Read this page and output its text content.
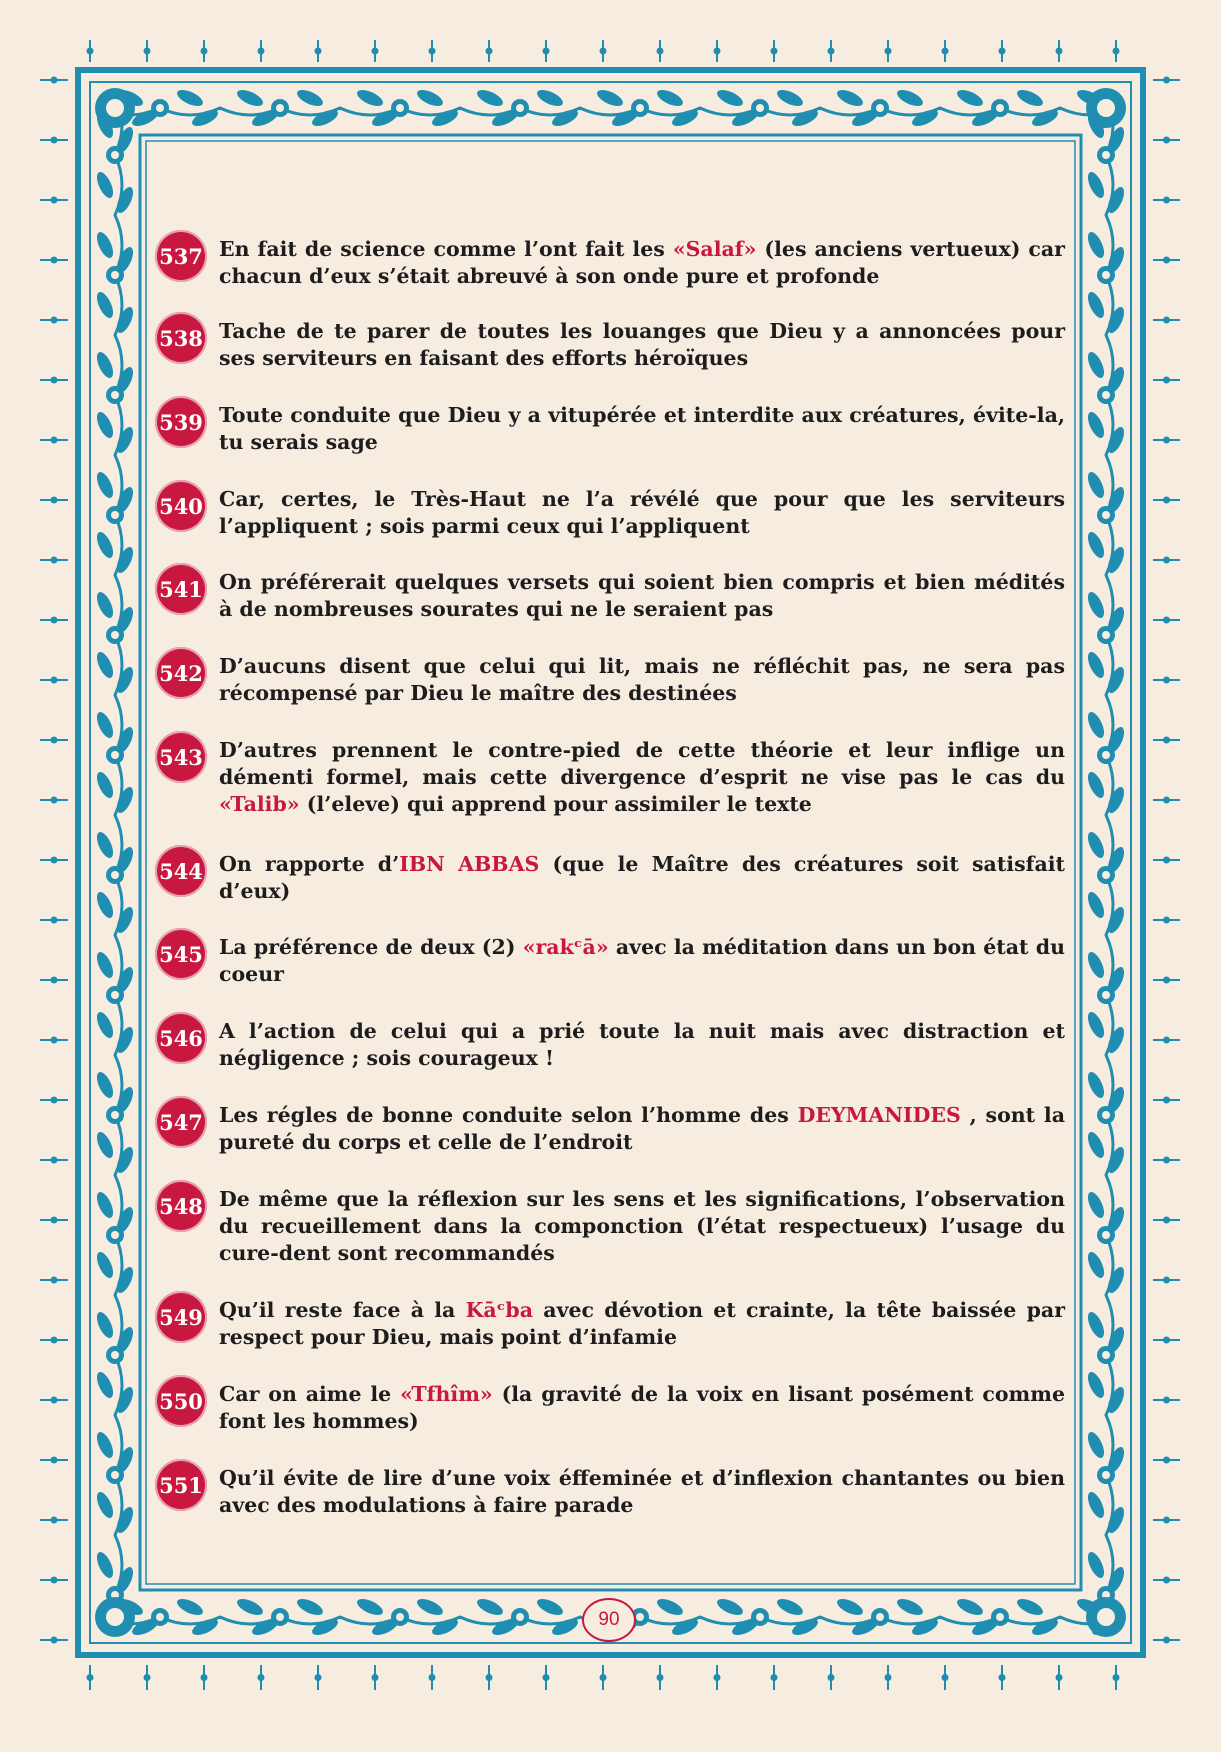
537 En fait de science comme l’ont fait les «Salaf» (les anciens vertueux) car chacun d’eux s’était abreuvé à son onde pure et profonde
538 Tache de te parer de toutes les louanges que Dieu y a annoncées pour ses serviteurs en faisant des efforts héroïques
539 Toute conduite que Dieu y a vitupérée et interdite aux créatures, évite-la, tu serais sage
540 Car, certes, le Très-Haut ne l’a révélé que pour que les serviteurs l’appliquent ; sois parmi ceux qui l’appliquent
541 On préférerait quelques versets qui soient bien compris et bien médités à de nombreuses sourates qui ne le seraient pas
542 D’aucuns disent que celui qui lit, mais ne réfléchit pas, ne sera pas récompensé par Dieu le maître des destinées
543 D’autres prennent le contre-pied de cette théorie et leur inflige un démenti formel, mais cette divergence d’esprit ne vise pas le cas du «Talib» (l’eleve) qui apprend pour assimiler le texte
544 On rapporte d’IBN ABBAS (que le Maître des créatures soit satisfait d’eux)
545 La préférence de deux (2) «rakᶜā» avec la méditation dans un bon état du coeur
546 A l’action de celui qui a prié toute la nuit mais avec distraction et négligence ; sois courageux !
547 Les régles de bonne conduite selon l’homme des DEYMANIDES , sont la pureté du corps et celle de l’endroit
548 De même que la réflexion sur les sens et les significations, l’observation du recueillement dans la componction (l’état respectueux) l’usage du cure-dent sont recommandés
549 Qu’il reste face à la Kāᶜba avec dévotion et crainte, la tête baissée par respect pour Dieu, mais point d’infamie
550 Car on aime le «Tfhîm» (la gravité de la voix en lisant posément comme font les hommes)
551 Qu’il évite de lire d’une voix éffeminée et d’inflexion chantantes ou bien avec des modulations à faire parade
90
